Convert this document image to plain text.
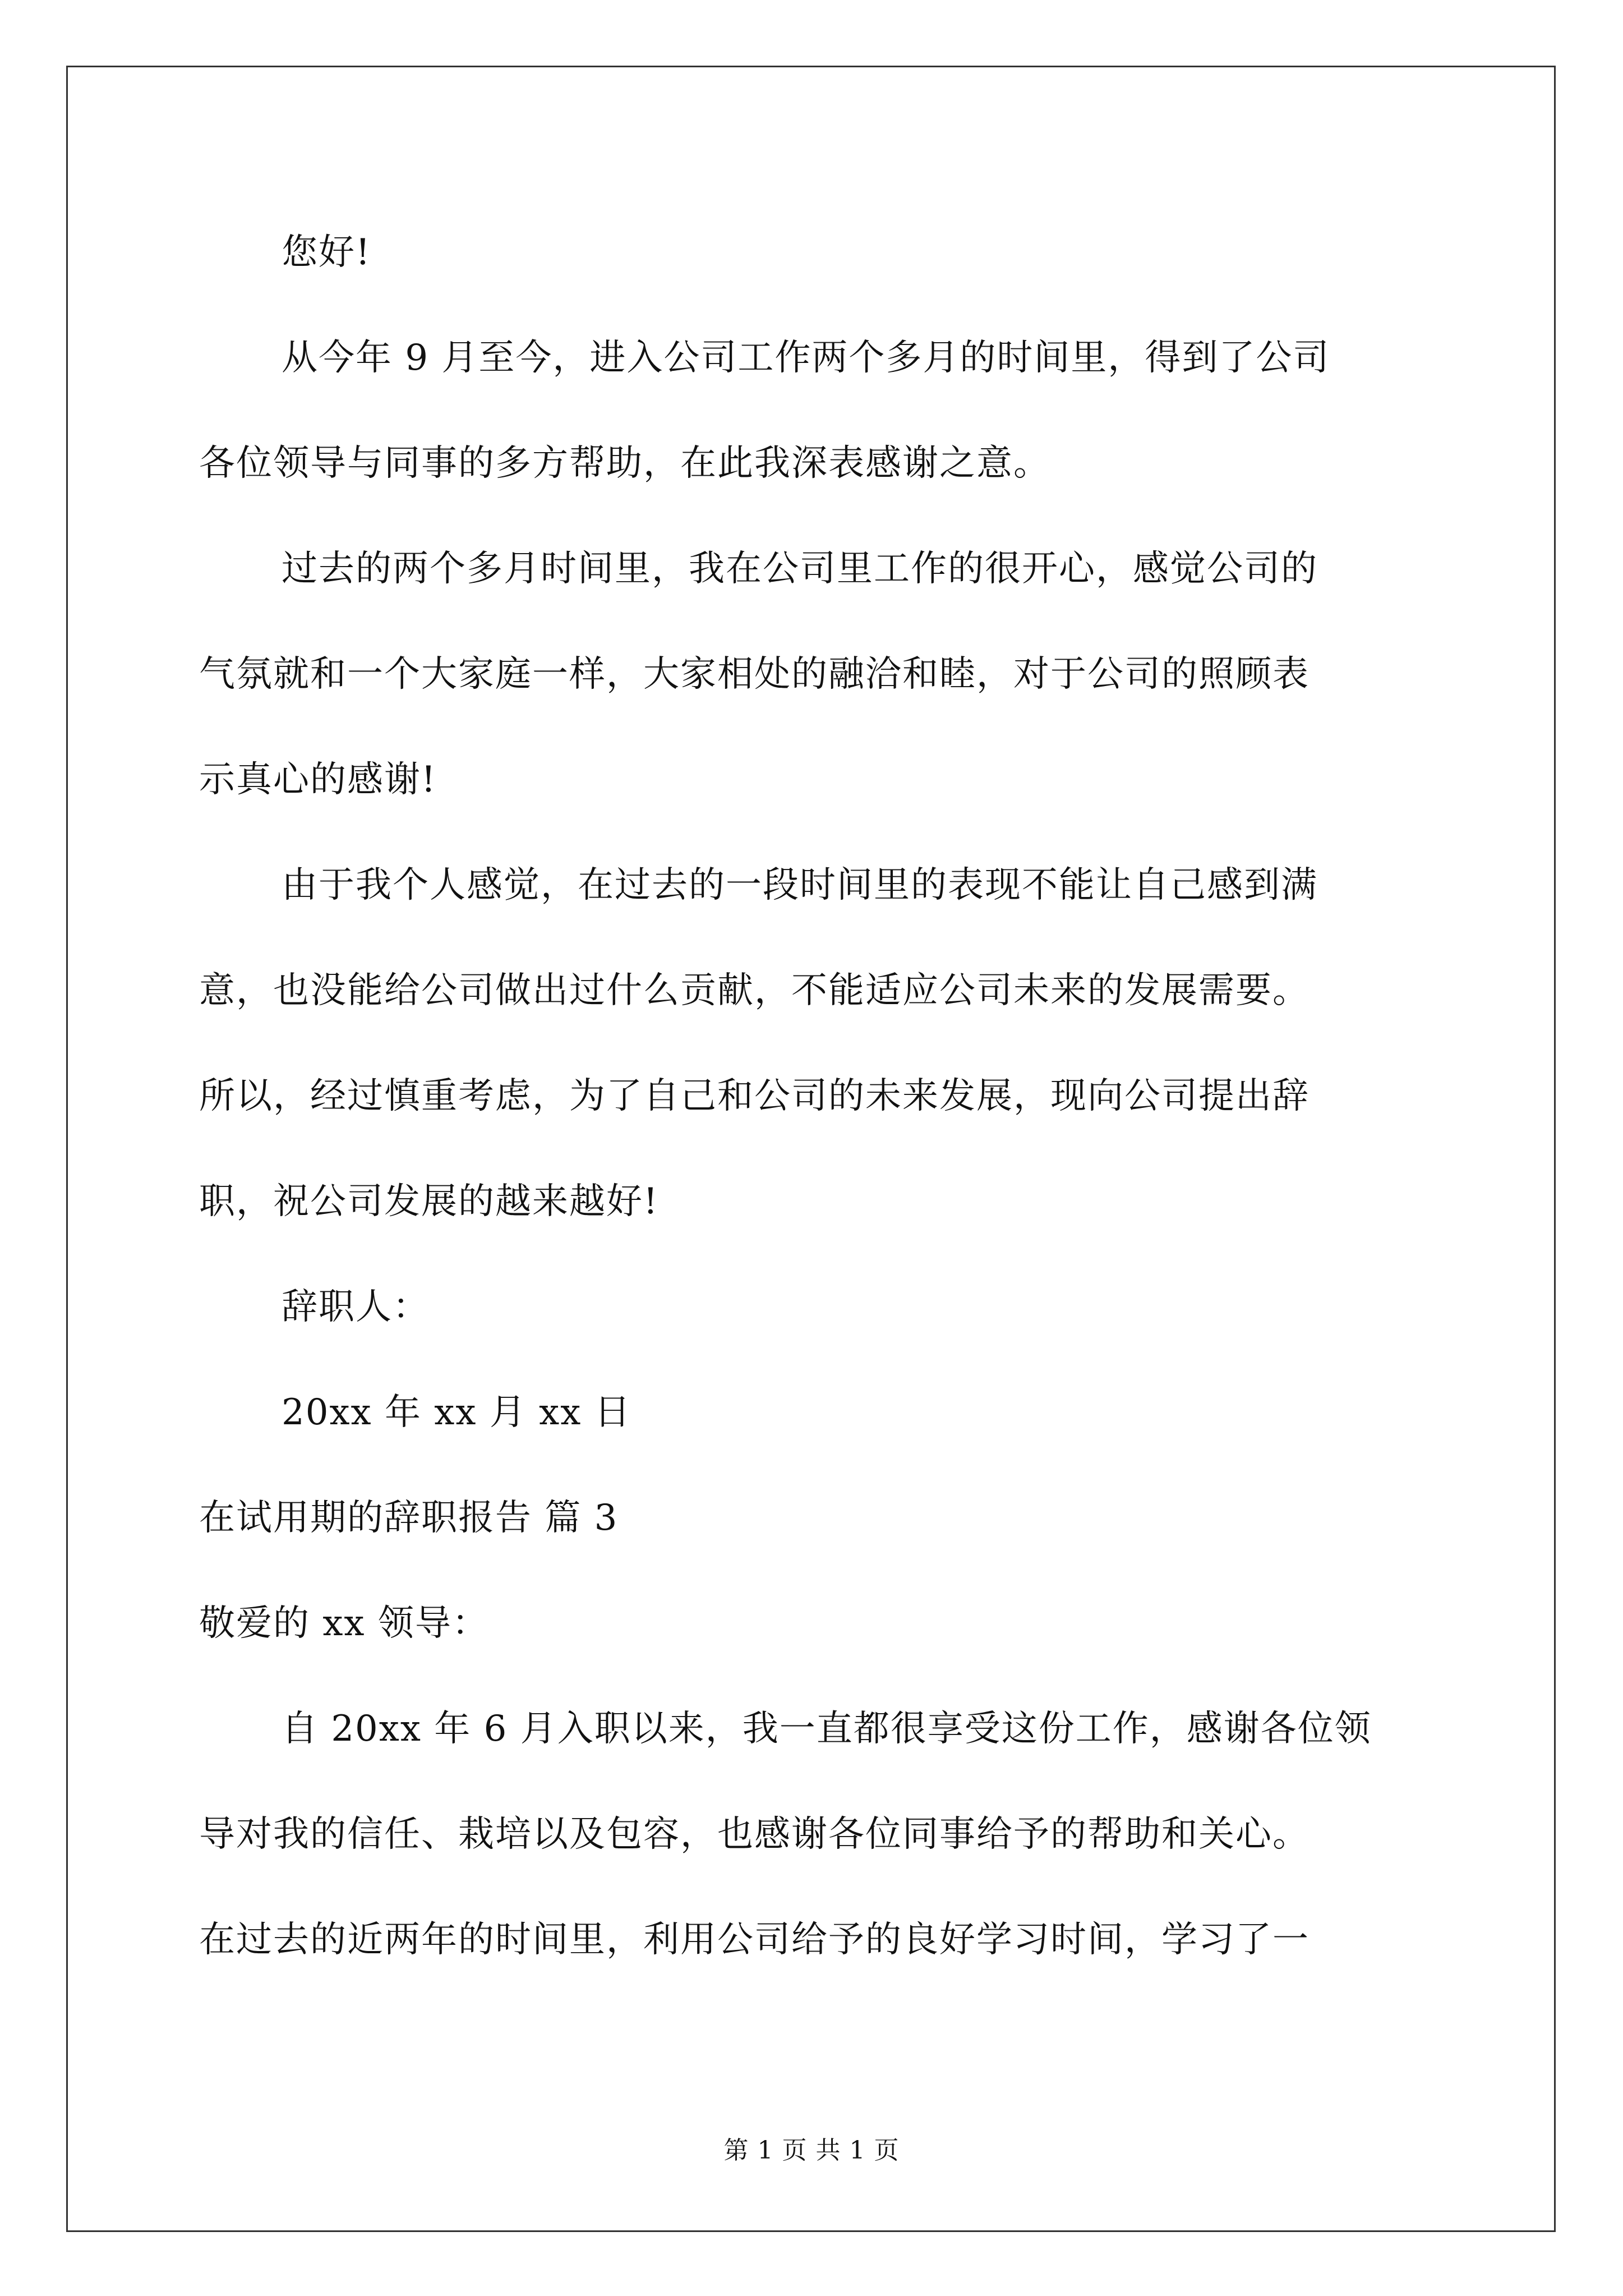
您好!
从今年 9 月至今，进入公司工作两个多月的时间里，得到了公司
各位领导与同事的多方帮助，在此我深表感谢之意。
过去的两个多月时间里，我在公司里工作的很开心，感觉公司的
气氛就和一个大家庭一样，大家相处的融洽和睦，对于公司的照顾表
示真心的感谢!
由于我个人感觉，在过去的一段时间里的表现不能让自己感到满
意，也没能给公司做出过什么贡献，不能适应公司未来的发展需要。
所以，经过慎重考虑，为了自己和公司的未来发展，现向公司提出辞
职，祝公司发展的越来越好!
辞职人：
20xx 年 xx 月 xx 日
在试用期的辞职报告 篇 3
敬爱的 xx 领导：
自 20xx 年 6 月入职以来，我一直都很享受这份工作，感谢各位领
导对我的信任、栽培以及包容，也感谢各位同事给予的帮助和关心。
在过去的近两年的时间里，利用公司给予的良好学习时间，学习了一
第 1 页 共 1 页
